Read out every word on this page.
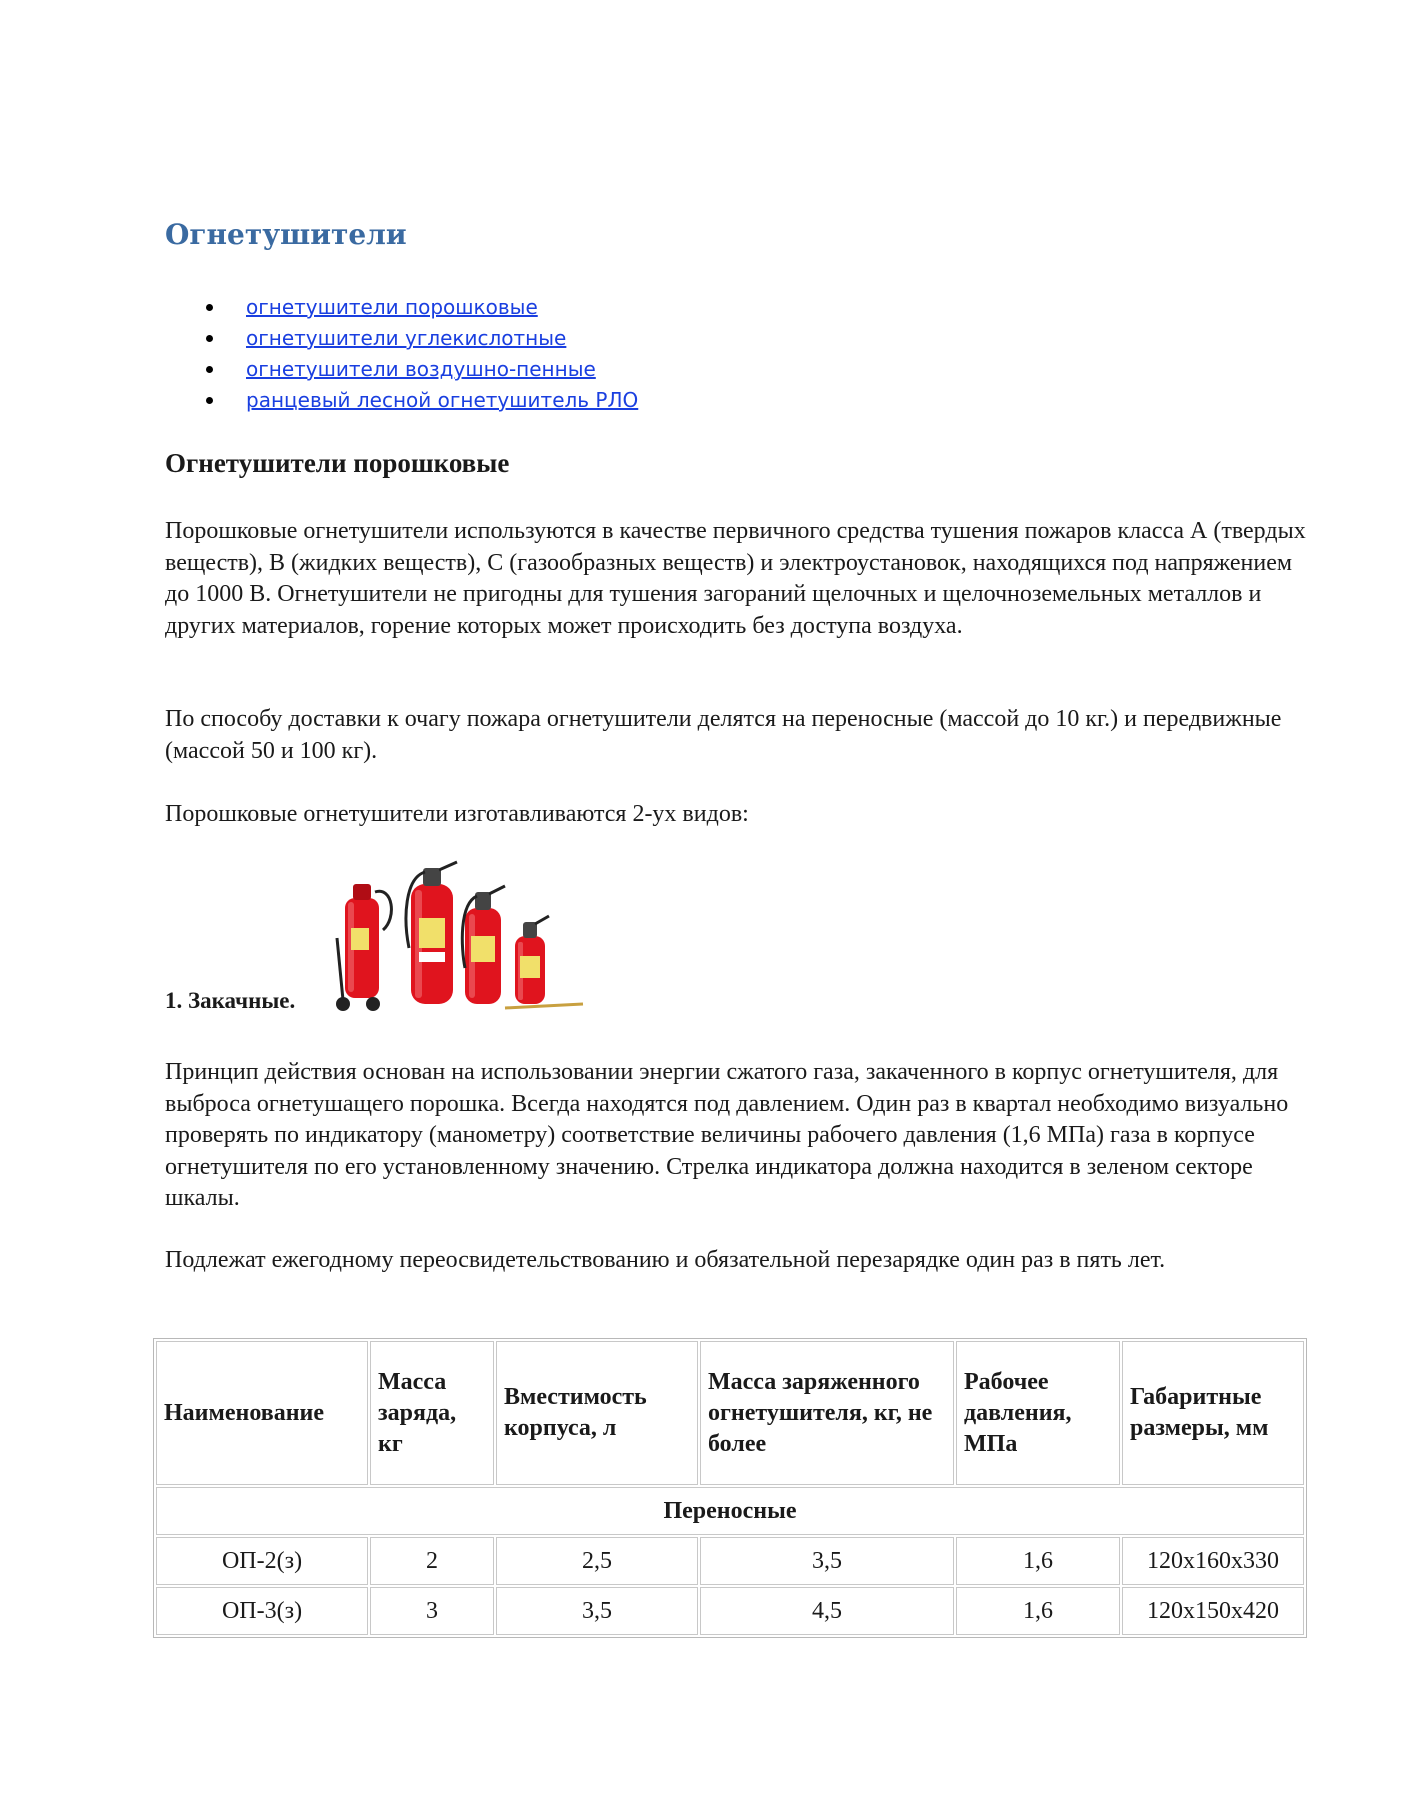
Огнетушители
огнетушители порошковые
огнетушители углекислотные
огнетушители воздушно-пенные
ранцевый лесной огнетушитель РЛО
Огнетушители порошковые

Порошковые огнетушители используются в качестве первичного средства тушения пожаров класса А (твердых веществ), В (жидких веществ), С (газообразных веществ) и электроустановок, находящихся под напряжением до 1000 В. Огнетушители не пригодны для тушения загораний щелочных и щелочноземельных металлов и других материалов, горение которых может происходить без доступа воздуха.

По способу доставки к очагу пожара огнетушители делятся на переносные (массой до 10 кг.) и передвижные (массой 50 и 100 кг).

Порошковые огнетушители изготавливаются 2-ух видов:

1. Закачные.

Принцип действия основан на использовании энергии сжатого газа, закаченного в корпус огнетушителя, для выброса огнетушащего порошка. Всегда находятся под давлением. Один раз в квартал необходимо визуально проверять по индикатору (манометру) соответствие величины рабочего давления (1,6 МПа) газа в корпусе огнетушителя по его установленному значению. Стрелка индикатора должна находится в зеленом секторе шкалы.

Подлежат ежегодному переосвидетельствованию и обязательной перезарядке один раз в пять лет.

Наименование	Масса заряда, кг	Вместимость корпуса, л	Масса заряженного огнетушителя, кг, не более	Рабочее давления, МПа	Габаритные размеры, мм
Переносные					
ОП-2(з)	2	2,5	3,5	1,6	120х160х330
ОП-3(з)	3	3,5	4,5	1,6	120х150х420
